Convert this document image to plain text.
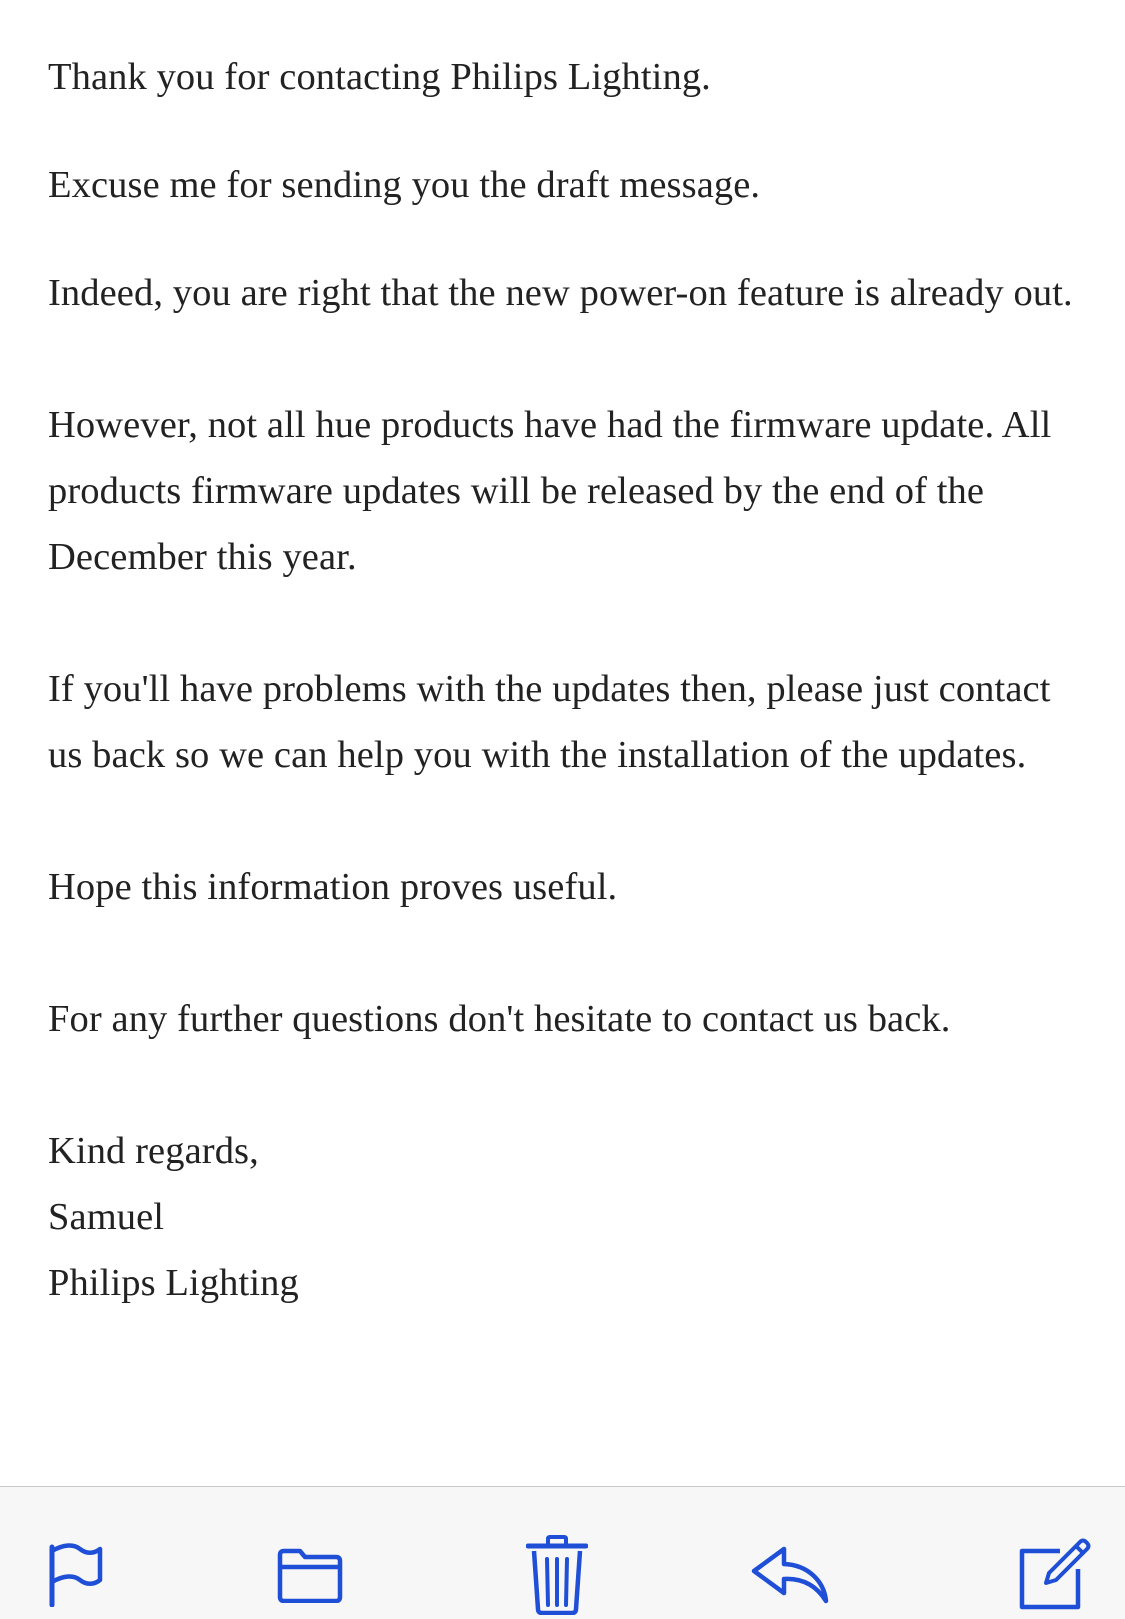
Thank you for contacting Philips Lighting.

Excuse me for sending you the draft message.

Indeed, you are right that the new power-on feature is already out.

However, not all hue products have had the firmware update. All products firmware updates will be released by the end of the December this year.

If you'll have problems with the updates then, please just contact us back so we can help you with the installation of the updates.

Hope this information proves useful.

For any further questions don't hesitate to contact us back.

Kind regards,
Samuel
Philips Lighting
